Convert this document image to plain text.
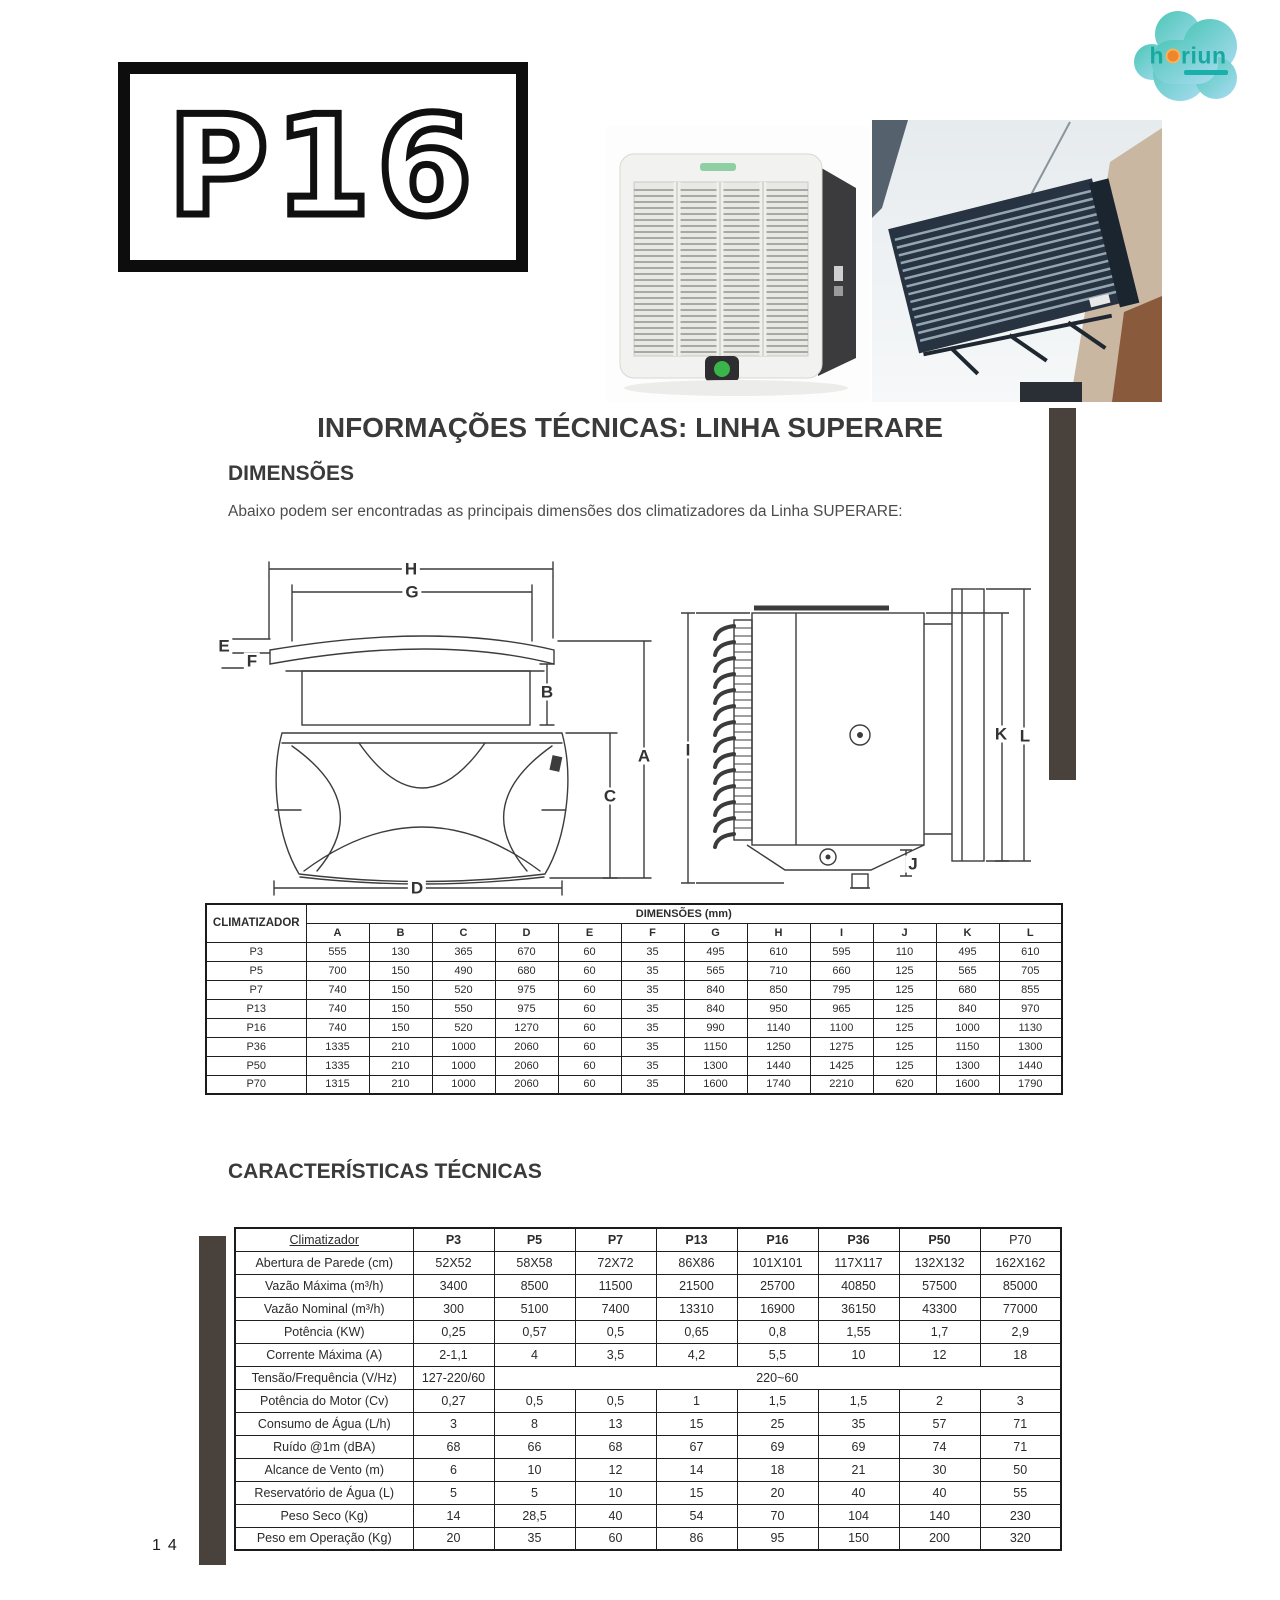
P16
h riun
INFORMAÇÕES TÉCNICAS: LINHA SUPERARE
DIMENSÕES
Abaixo podem ser encontradas as principais dimensões dos climatizadores da Linha SUPERARE:
H
G
E
F
B
A
C
D
I
K L
J
CLIMATIZADOR	DIMENSÕES (mm)											
	A	B	C	D	E	F	G	H	I	J	K	L
P3	555	130	365	670	60	35	495	610	595	110	495	610
P5	700	150	490	680	60	35	565	710	660	125	565	705
P7	740	150	520	975	60	35	840	850	795	125	680	855
P13	740	150	550	975	60	35	840	950	965	125	840	970
P16	740	150	520	1270	60	35	990	1140	1100	125	1000	1130
P36	1335	210	1000	2060	60	35	1150	1250	1275	125	1150	1300
P50	1335	210	1000	2060	60	35	1300	1440	1425	125	1300	1440
P70	1315	210	1000	2060	60	35	1600	1740	2210	620	1600	1790
CARACTERÍSTICAS TÉCNICAS
Climatizador	P3	P5	P7	P13	P16	P36	P50	P70
Abertura de Parede (cm)	52X52	58X58	72X72	86X86	101X101	117X117	132X132	162X162
Vazão Máxima (m³/h)	3400	8500	11500	21500	25700	40850	57500	85000
Vazão Nominal (m³/h)	300	5100	7400	13310	16900	36150	43300	77000
Potência (KW)	0,25	0,57	0,5	0,65	0,8	1,55	1,7	2,9
Corrente Máxima (A)	2-1,1	4	3,5	4,2	5,5	10	12	18
Tensão/Frequência (V/Hz)	127-220/60	220~60						
Potência do Motor (Cv)	0,27	0,5	0,5	1	1,5	1,5	2	3
Consumo de Água (L/h)	3	8	13	15	25	35	57	71
Ruído @1m (dBA)	68	66	68	67	69	69	74	71
Alcance de Vento (m)	6	10	12	14	18	21	30	50
Reservatório de Água (L)	5	5	10	15	20	40	40	55
Peso Seco (Kg)	14	28,5	40	54	70	104	140	230
Peso em Operação (Kg)	20	35	60	86	95	150	200	320
14
